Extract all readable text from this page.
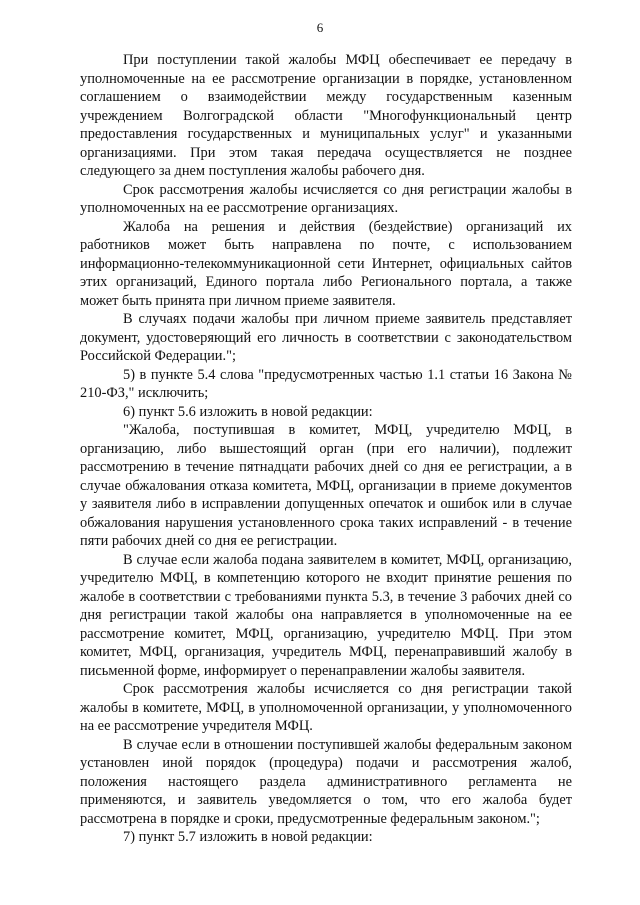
6

При поступлении такой жалобы МФЦ обеспечивает ее передачу в уполномоченные на ее рассмотрение организации в порядке, установленном соглашением о взаимодействии между государственным казенным учреждением Волгоградской области "Многофункциональный центр предоставления государственных и муниципальных услуг" и указанными организациями. При этом такая передача осуществляется не позднее следующего за днем поступления жалобы рабочего дня.

Срок рассмотрения жалобы исчисляется со дня регистрации жалобы в уполномоченных на ее рассмотрение организациях.

Жалоба на решения и действия (бездействие) организаций их работников может быть направлена по почте, с использованием информационно-телекоммуникационной сети Интернет, официальных сайтов этих организаций, Единого портала либо Регионального портала, а также может быть принята при личном приеме заявителя.

В случаях подачи жалобы при личном приеме заявитель представляет документ, удостоверяющий его личность в соответствии с законодательством Российской Федерации.";

5) в пункте 5.4 слова "предусмотренных частью 1.1 статьи 16 Закона № 210-ФЗ," исключить;

6) пункт 5.6 изложить в новой редакции:

"Жалоба, поступившая в комитет, МФЦ, учредителю МФЦ, в организацию, либо вышестоящий орган (при его наличии), подлежит рассмотрению в течение пятнадцати рабочих дней со дня ее регистрации, а в случае обжалования отказа комитета, МФЦ, организации в приеме документов у заявителя либо в исправлении допущенных опечаток и ошибок или в случае обжалования нарушения установленного срока таких исправлений - в течение пяти рабочих дней со дня ее регистрации.

В случае если жалоба подана заявителем в комитет, МФЦ, организацию, учредителю МФЦ, в компетенцию которого не входит принятие решения по жалобе в соответствии с требованиями пункта 5.3, в течение 3 рабочих дней со дня регистрации такой жалобы она направляется в уполномоченные на ее рассмотрение комитет, МФЦ, организацию, учредителю МФЦ. При этом комитет, МФЦ, организация, учредитель МФЦ, перенаправивший жалобу в письменной форме, информирует о перенаправлении жалобы заявителя.

Срок рассмотрения жалобы исчисляется со дня регистрации такой жалобы в комитете, МФЦ, в уполномоченной организации, у уполномоченного на ее рассмотрение учредителя МФЦ.

В случае если в отношении поступившей жалобы федеральным законом установлен иной порядок (процедура) подачи и рассмотрения жалоб, положения настоящего раздела административного регламента не применяются, и заявитель уведомляется о том, что его жалоба будет рассмотрена в порядке и сроки, предусмотренные федеральным законом.";

7) пункт 5.7 изложить в новой редакции:
